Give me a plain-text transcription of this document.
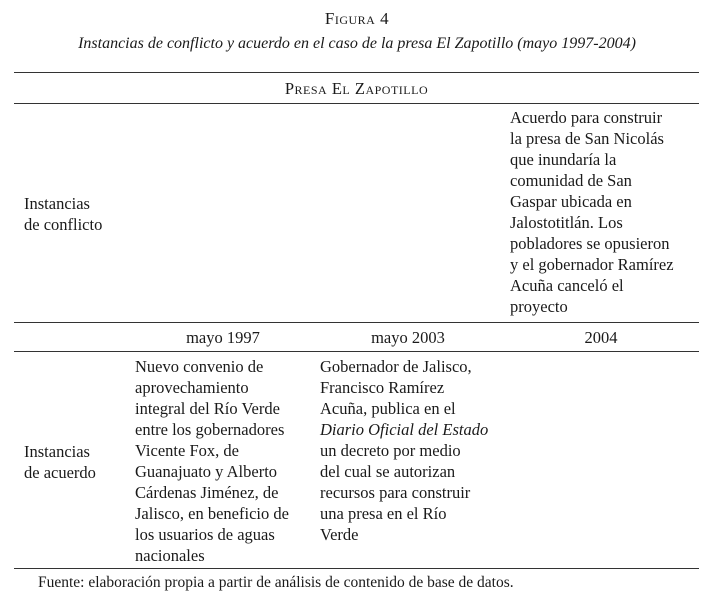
Figura 4
Instancias de conflicto y acuerdo en el caso de la presa El Zapotillo (mayo 1997-2004)
Presa El Zapotillo
Instancias
de conflicto
Acuerdo para construir
la presa de San Nicolás
que inundaría la
comunidad de San
Gaspar ubicada en
Jalostotitlán. Los
pobladores se opusieron
y el gobernador Ramírez
Acuña canceló el
proyecto
mayo 1997	mayo 2003	2004
Instancias
de acuerdo
Nuevo convenio de
aprovechamiento
integral del Río Verde
entre los gobernadores
Vicente Fox, de
Guanajuato y Alberto
Cárdenas Jiménez, de
Jalisco, en beneficio de
los usuarios de aguas
nacionales
Gobernador de Jalisco,
Francisco Ramírez
Acuña, publica en el
Diario Oficial del Estado
un decreto por medio
del cual se autorizan
recursos para construir
una presa en el Río
Verde
Fuente: elaboración propia a partir de análisis de contenido de base de datos.
